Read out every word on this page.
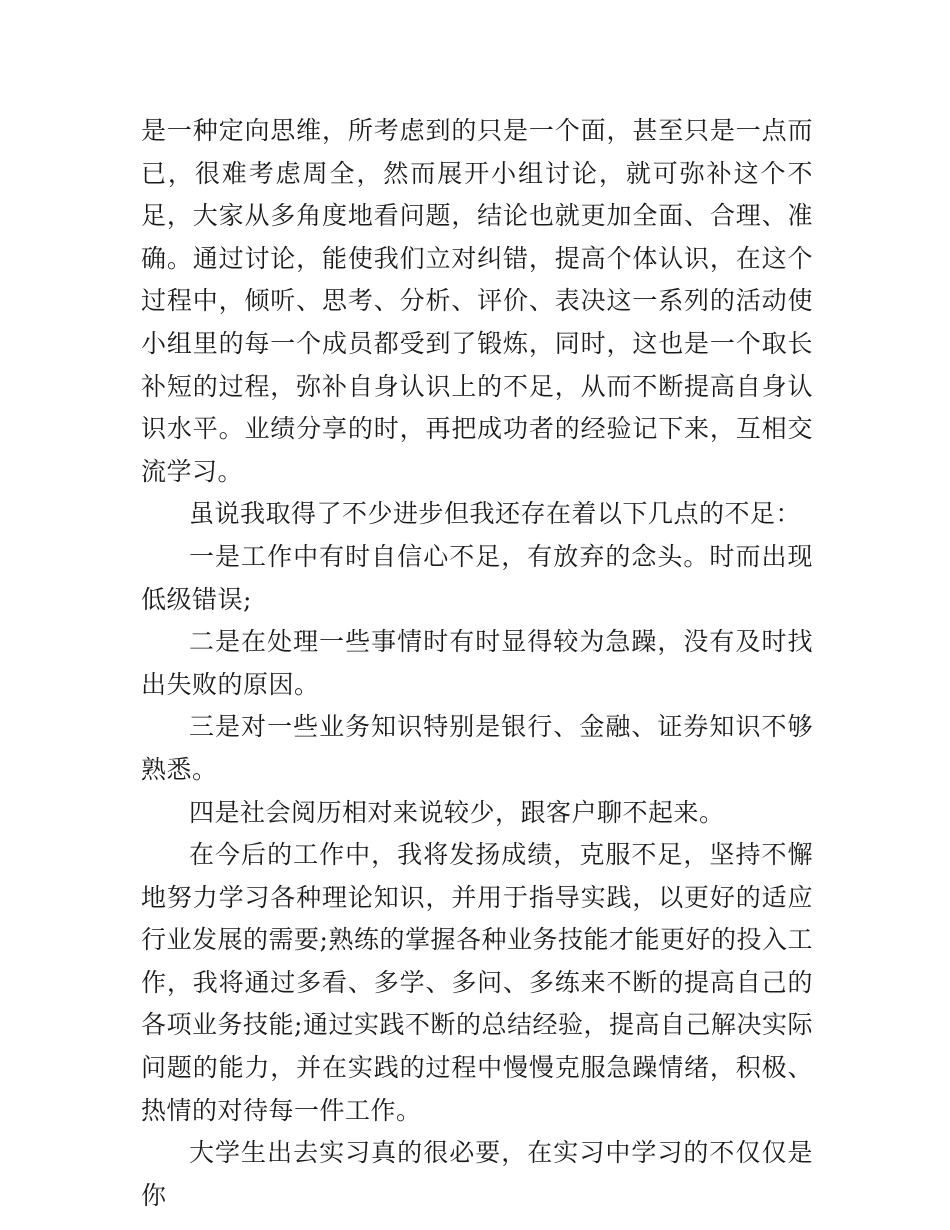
是一种定向思维，所考虑到的只是一个面，甚至只是一点而已，很难考虑周全，然而展开小组讨论，就可弥补这个不足，大家从多角度地看问题，结论也就更加全面、合理、准确。通过讨论，能使我们立对纠错，提高个体认识，在这个过程中，倾听、思考、分析、评价、表决这一系列的活动使小组里的每一个成员都受到了锻炼，同时，这也是一个取长补短的过程，弥补自身认识上的不足，从而不断提高自身认识水平。业绩分享的时，再把成功者的经验记下来，互相交流学习。

虽说我取得了不少进步但我还存在着以下几点的不足：

一是工作中有时自信心不足，有放弃的念头。时而出现低级错误;

二是在处理一些事情时有时显得较为急躁，没有及时找出失败的原因。

三是对一些业务知识特别是银行、金融、证券知识不够熟悉。

四是社会阅历相对来说较少，跟客户聊不起来。

在今后的工作中，我将发扬成绩，克服不足，坚持不懈地努力学习各种理论知识，并用于指导实践，以更好的适应行业发展的需要;熟练的掌握各种业务技能才能更好的投入工作，我将通过多看、多学、多问、多练来不断的提高自己的各项业务技能;通过实践不断的总结经验，提高自己解决实际问题的能力，并在实践的过程中慢慢克服急躁情绪，积极、热情的对待每一件工作。

大学生出去实习真的很必要，在实习中学习的不仅仅是你
